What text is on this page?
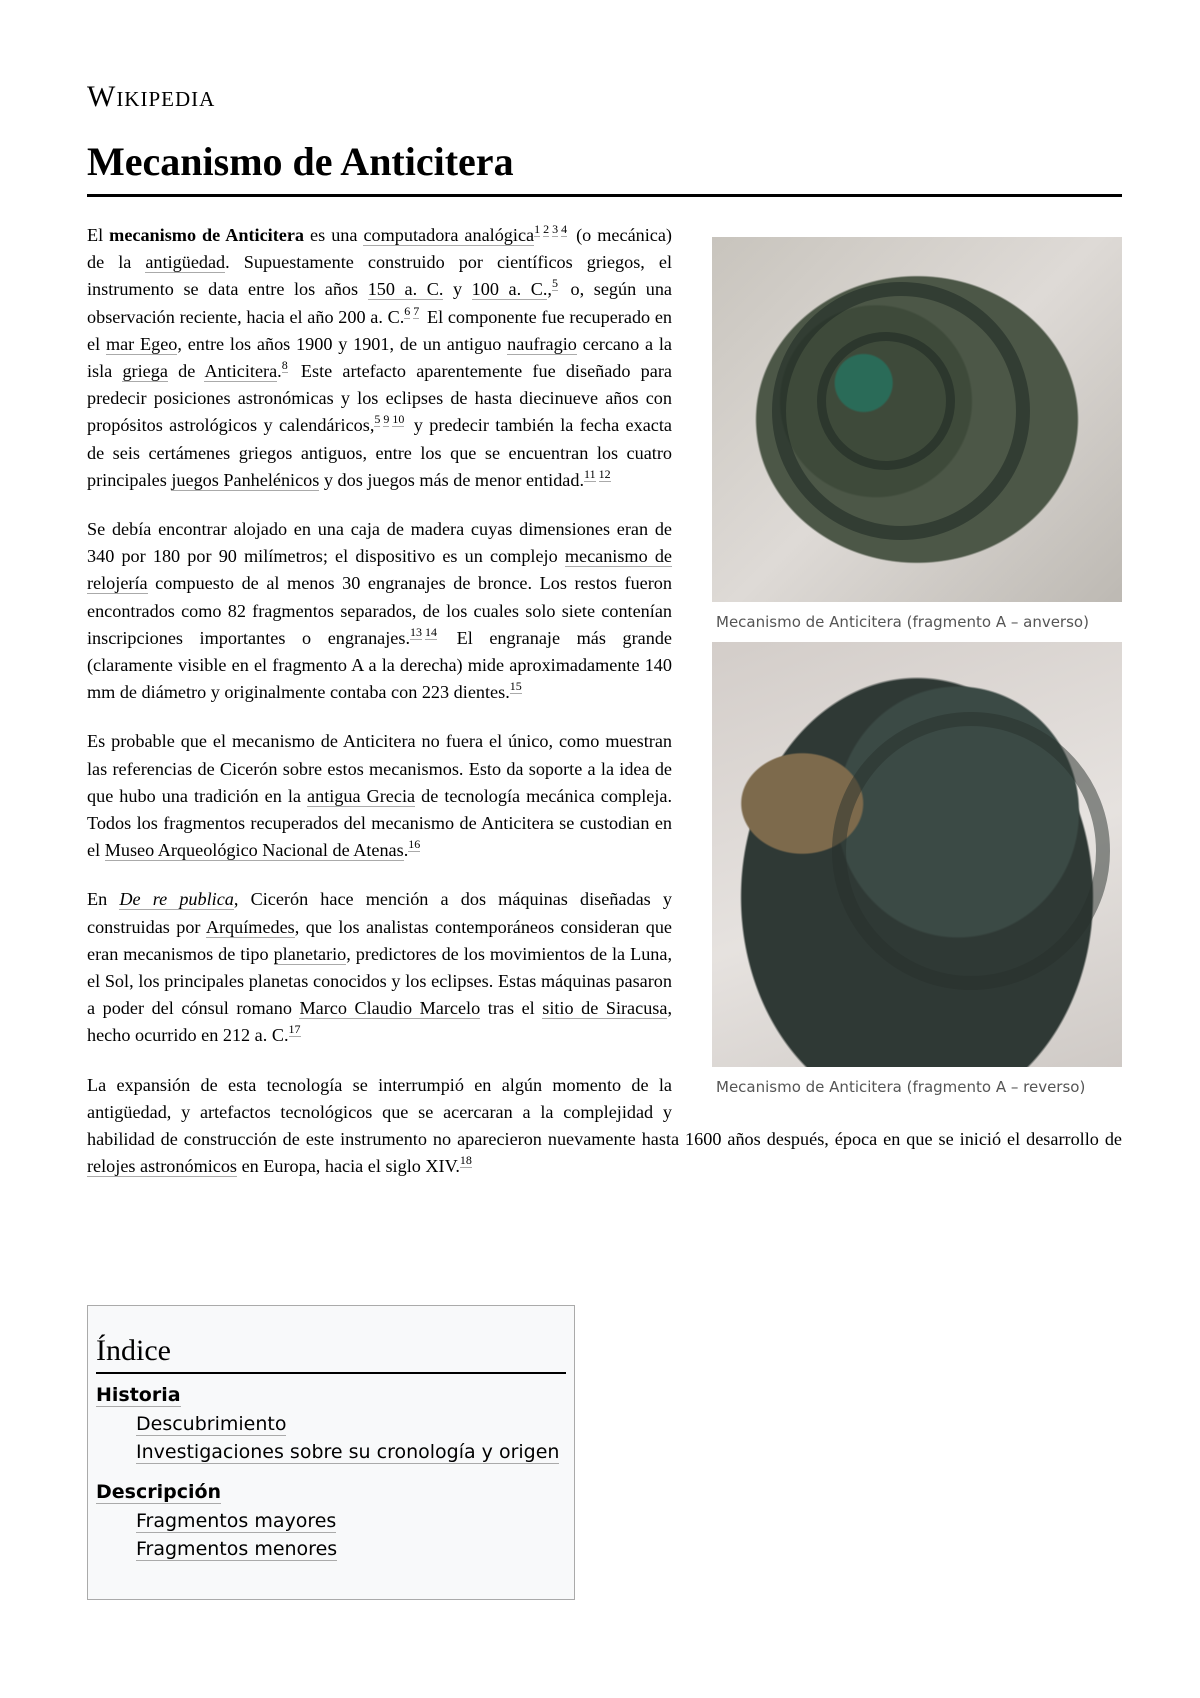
Wikipedia
Mecanismo de Anticitera
Mecanismo de Anticitera (fragmento A – anverso)
Mecanismo de Anticitera (fragmento A – reverso)

El mecanismo de Anticitera es una computadora analógica$^{1 2 3 4}$ (o mecánica) de la antigüedad. Supuestamente construido por científicos griegos, el instrumento se data entre los años 150 a. C. y 100 a. C.,$^5$ o, según una observación reciente, hacia el año 200 a. C.$^{6 7}$ El componente fue recuperado en el mar Egeo, entre los años 1900 y 1901, de un antiguo naufragio cercano a la isla griega de Anticitera.$^8$ Este artefacto aparentemente fue diseñado para predecir posiciones astronómicas y los eclipses de hasta diecinueve años con propósitos astrológicos y calendáricos,$^{5 9 10}$ y predecir también la fecha exacta de seis certámenes griegos antiguos, entre los que se encuentran los cuatro principales juegos Panhelénicos y dos juegos más de menor entidad.$^{11 12}$

Se debía encontrar alojado en una caja de madera cuyas dimensiones eran de 340 por 180 por 90 milímetros; el dispositivo es un complejo mecanismo de relojería compuesto de al menos 30 engranajes de bronce. Los restos fueron encontrados como 82 fragmentos separados, de los cuales solo siete contenían inscripciones importantes o engranajes.$^{13 14}$ El engranaje más grande (claramente visible en el fragmento A a la derecha) mide aproximadamente 140 mm de diámetro y originalmente contaba con 223 dientes.$^{15}$

Es probable que el mecanismo de Anticitera no fuera el único, como muestran las referencias de Cicerón sobre estos mecanismos. Esto da soporte a la idea de que hubo una tradición en la antigua Grecia de tecnología mecánica compleja. Todos los fragmentos recuperados del mecanismo de Anticitera se custodian en el Museo Arqueológico Nacional de Atenas.$^{16}$

En De re publica, Cicerón hace mención a dos máquinas diseñadas y construidas por Arquímedes, que los analistas contemporáneos consideran que eran mecanismos de tipo planetario, predictores de los movimientos de la Luna, el Sol, los principales planetas conocidos y los eclipses. Estas máquinas pasaron a poder del cónsul romano Marco Claudio Marcelo tras el sitio de Siracusa, hecho ocurrido en 212 a. C.$^{17}$

La expansión de esta tecnología se interrumpió en algún momento de la antigüedad, y artefactos tecnológicos que se acercaran a la complejidad y habilidad de construcción de este instrumento no aparecieron nuevamente hasta 1600 años después, época en que se inició el desarrollo de relojes astronómicos en Europa, hacia el siglo XIV.$^{18}$

Índice
Historia
Descubrimiento
Investigaciones sobre su cronología y origen
Descripción
Fragmentos mayores
Fragmentos menores
